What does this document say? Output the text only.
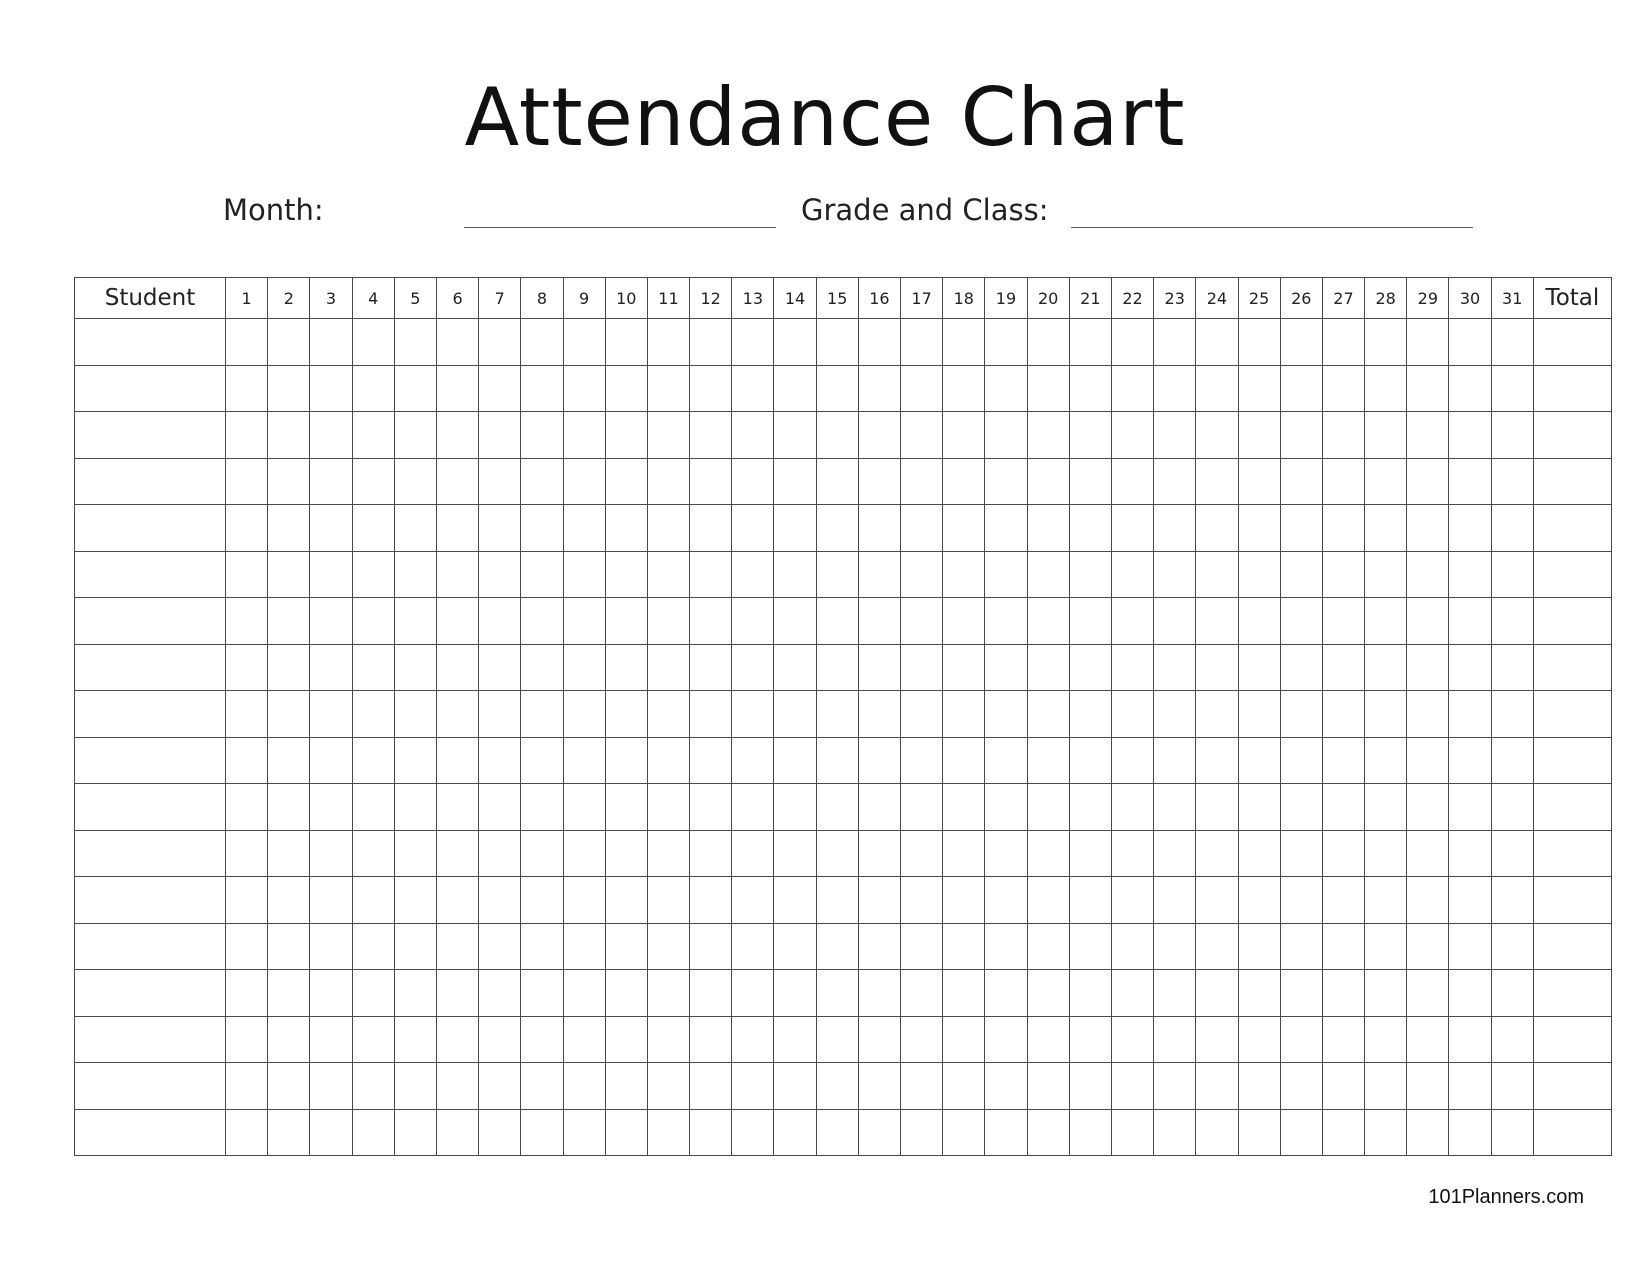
Attendance Chart
Month:	Grade and Class:
Student	1	2	3	4	5	6	7	8	9	10	11	12	13	14	15	16	17	18	19	20	21	22	23	24	25	26	27	28	29	30	31	Total

101Planners.com
